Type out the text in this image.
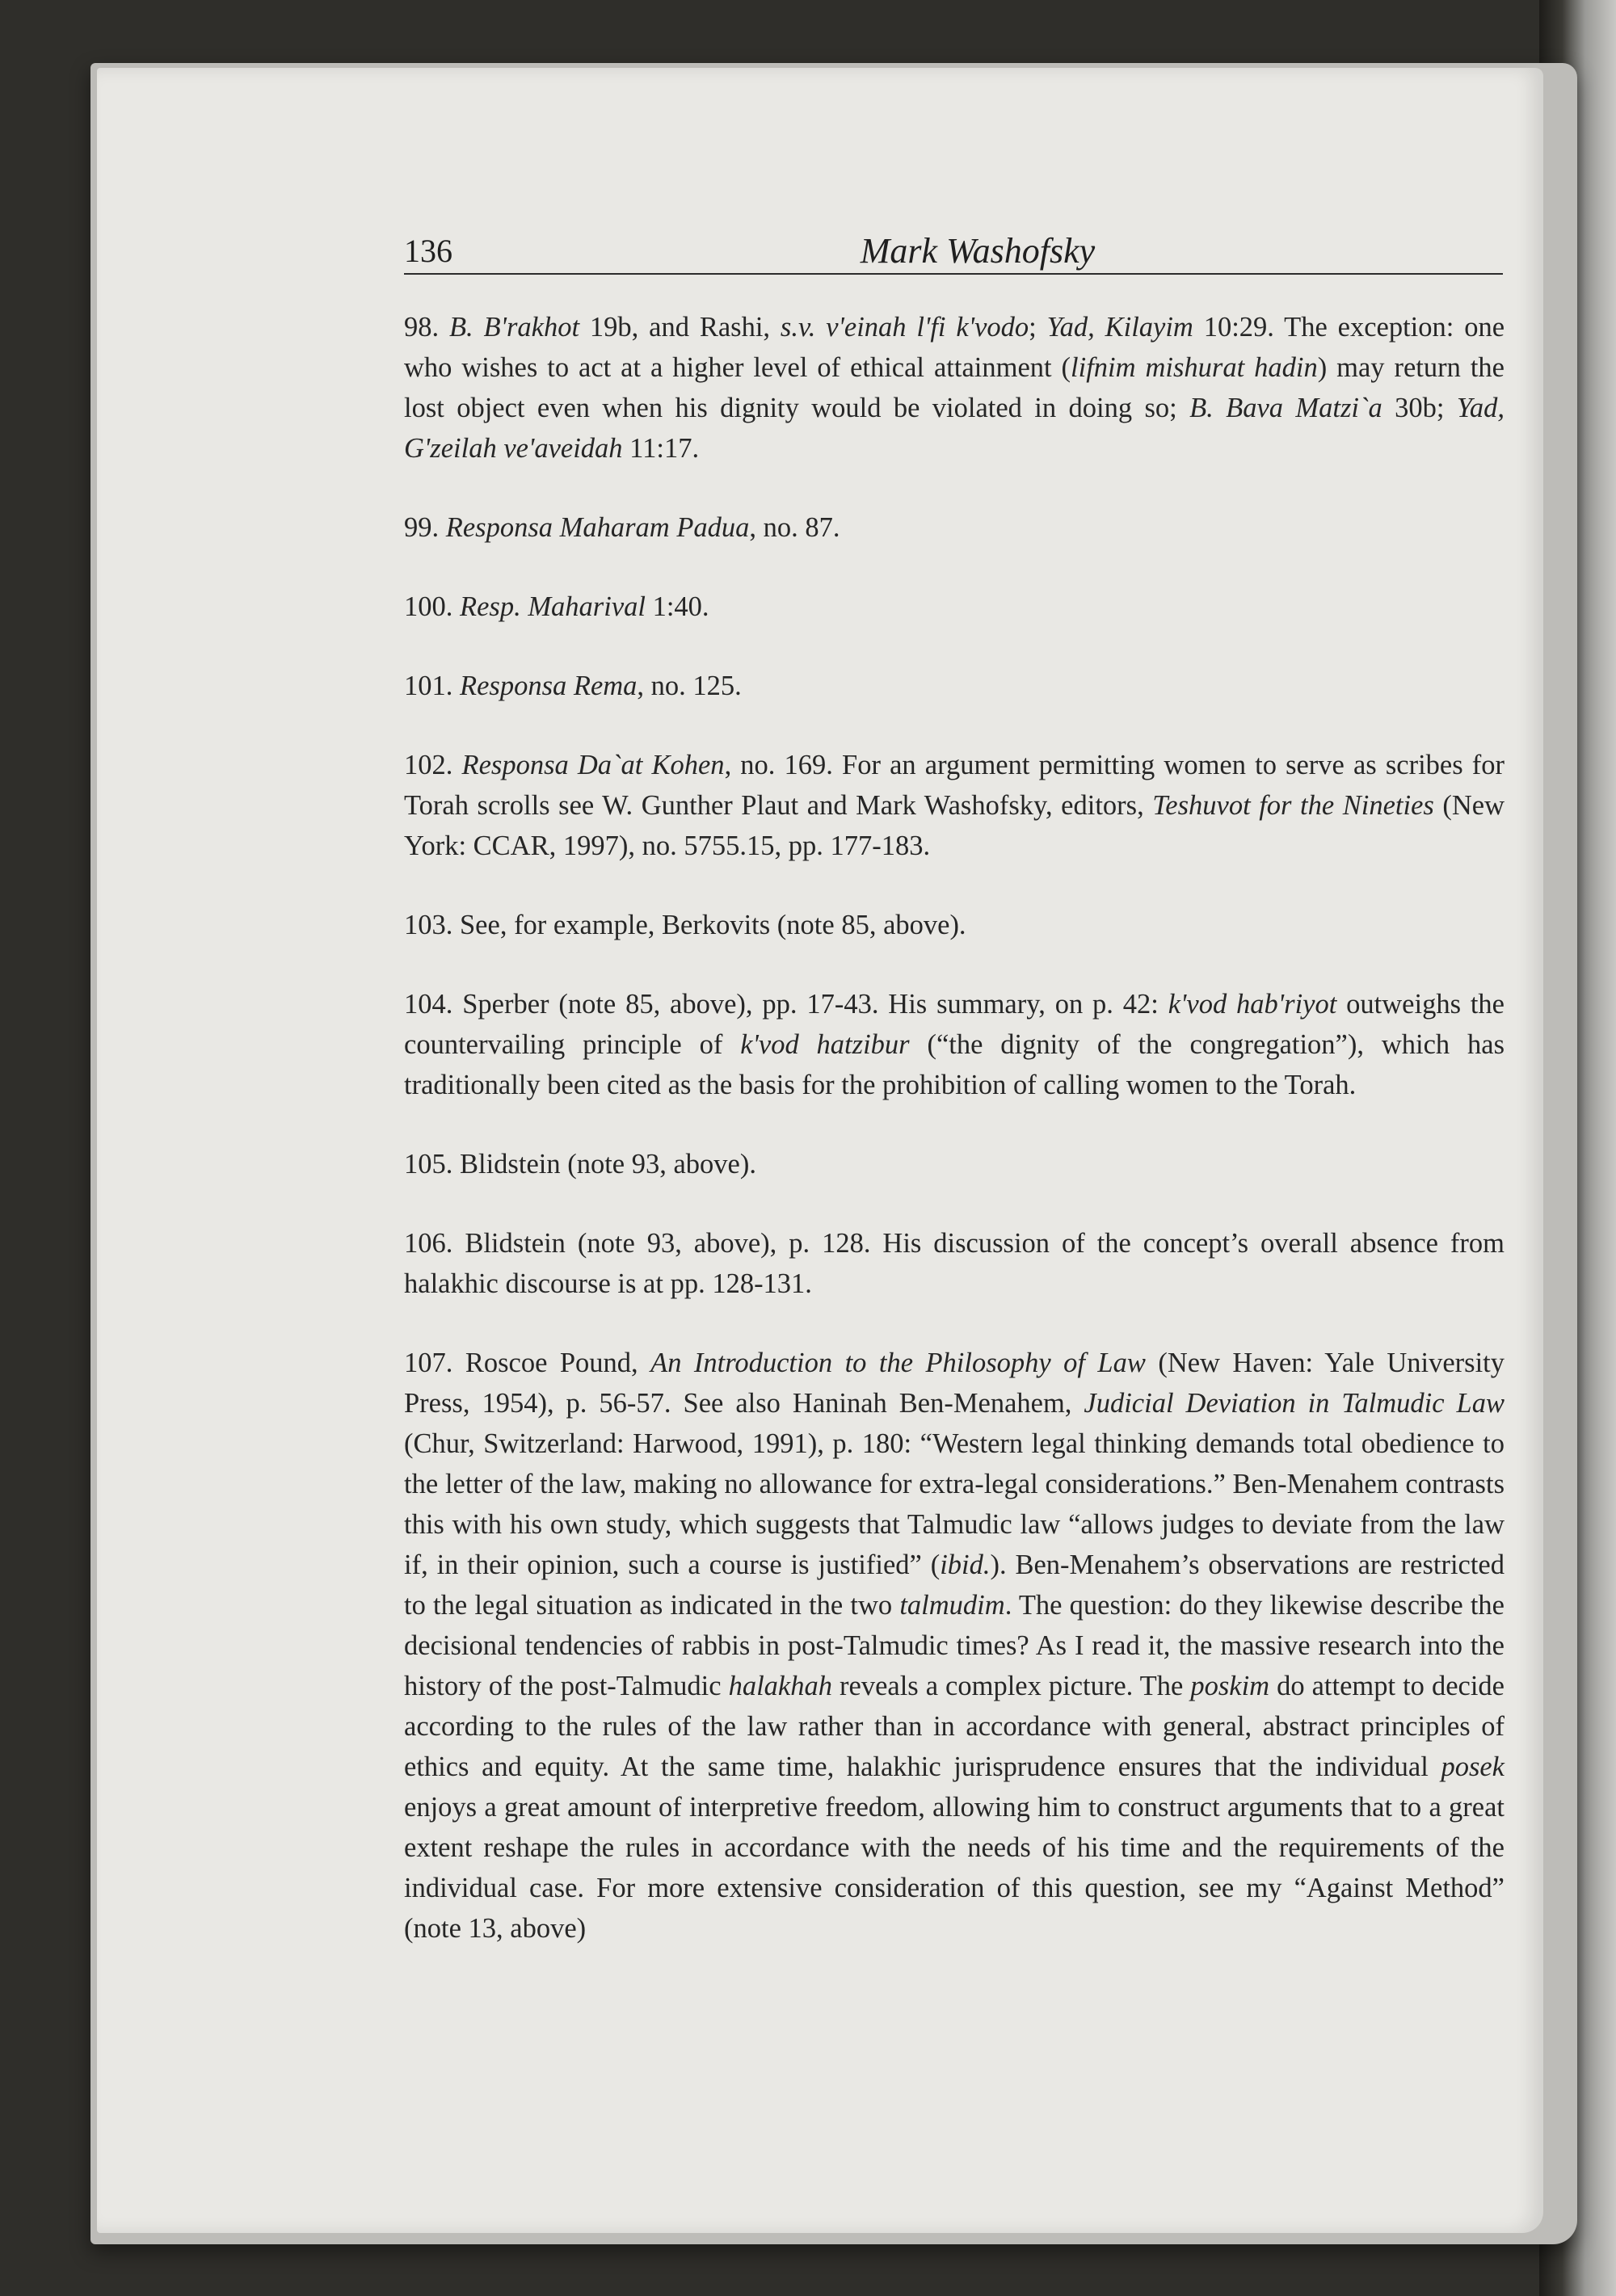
136	Mark Washofsky

98. B. B'rakhot 19b, and Rashi, s.v. v'einah l'fi k'vodo; Yad, Kilayim 10:29. The exception: one who wishes to act at a higher level of ethical attainment (lifnim mishurat hadin) may return the lost object even when his dignity would be violated in doing so; B. Bava Matzi`a 30b; Yad, G'zeilah ve'aveidah 11:17.

99. Responsa Maharam Padua, no. 87.

100. Resp. Maharival 1:40.

101. Responsa Rema, no. 125.

102. Responsa Da`at Kohen, no. 169. For an argument permitting women to serve as scribes for Torah scrolls see W. Gunther Plaut and Mark Washofsky, editors, Teshuvot for the Nineties (New York: CCAR, 1997), no. 5755.15, pp. 177-183.

103. See, for example, Berkovits (note 85, above).

104. Sperber (note 85, above), pp. 17-43. His summary, on p. 42: k'vod hab'riyot outweighs the countervailing principle of k'vod hatzibur (“the dignity of the congregation”), which has traditionally been cited as the basis for the prohibition of calling women to the Torah.

105. Blidstein (note 93, above).

106. Blidstein (note 93, above), p. 128. His discussion of the concept’s overall absence from halakhic discourse is at pp. 128-131.

107. Roscoe Pound, An Introduction to the Philosophy of Law (New Haven: Yale University Press, 1954), p. 56-57. See also Haninah Ben-Menahem, Judicial Deviation in Talmudic Law (Chur, Switzerland: Harwood, 1991), p. 180: “Western legal thinking demands total obedience to the letter of the law, making no allowance for extra-legal considerations.” Ben-Menahem contrasts this with his own study, which suggests that Talmudic law “allows judges to deviate from the law if, in their opinion, such a course is justified” (ibid.). Ben-Menahem’s observations are restricted to the legal situation as indicated in the two talmudim. The question: do they likewise describe the decisional tendencies of rabbis in post-Talmudic times? As I read it, the massive research into the history of the post-Talmudic halakhah reveals a complex picture. The poskim do attempt to decide according to the rules of the law rather than in accordance with general, abstract principles of ethics and equity. At the same time, halakhic jurisprudence ensures that the individual posek enjoys a great amount of interpretive freedom, allowing him to construct arguments that to a great extent reshape the rules in accordance with the needs of his time and the requirements of the individual case. For more extensive consideration of this question, see my “Against Method” (note 13, above)
